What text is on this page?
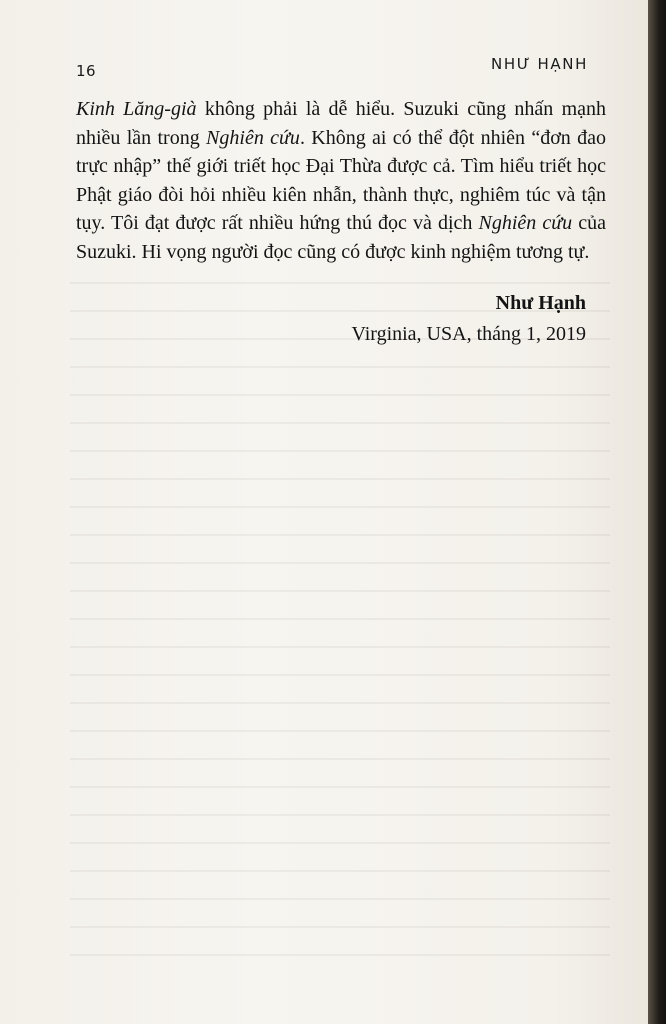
16	NHƯ HẠNH

Kinh Lăng-già không phải là dễ hiểu. Suzuki cũng nhấn mạnh nhiều lần trong Nghiên cứu. Không ai có thể đột nhiên “đơn đao trực nhập” thế giới triết học Đại Thừa được cả. Tìm hiểu triết học Phật giáo đòi hỏi nhiều kiên nhẫn, thành thực, nghiêm túc và tận tụy. Tôi đạt được rất nhiều hứng thú đọc và dịch Nghiên cứu của Suzuki. Hi vọng người đọc cũng có được kinh nghiệm tương tự.

Như Hạnh
Virginia, USA, tháng 1, 2019
